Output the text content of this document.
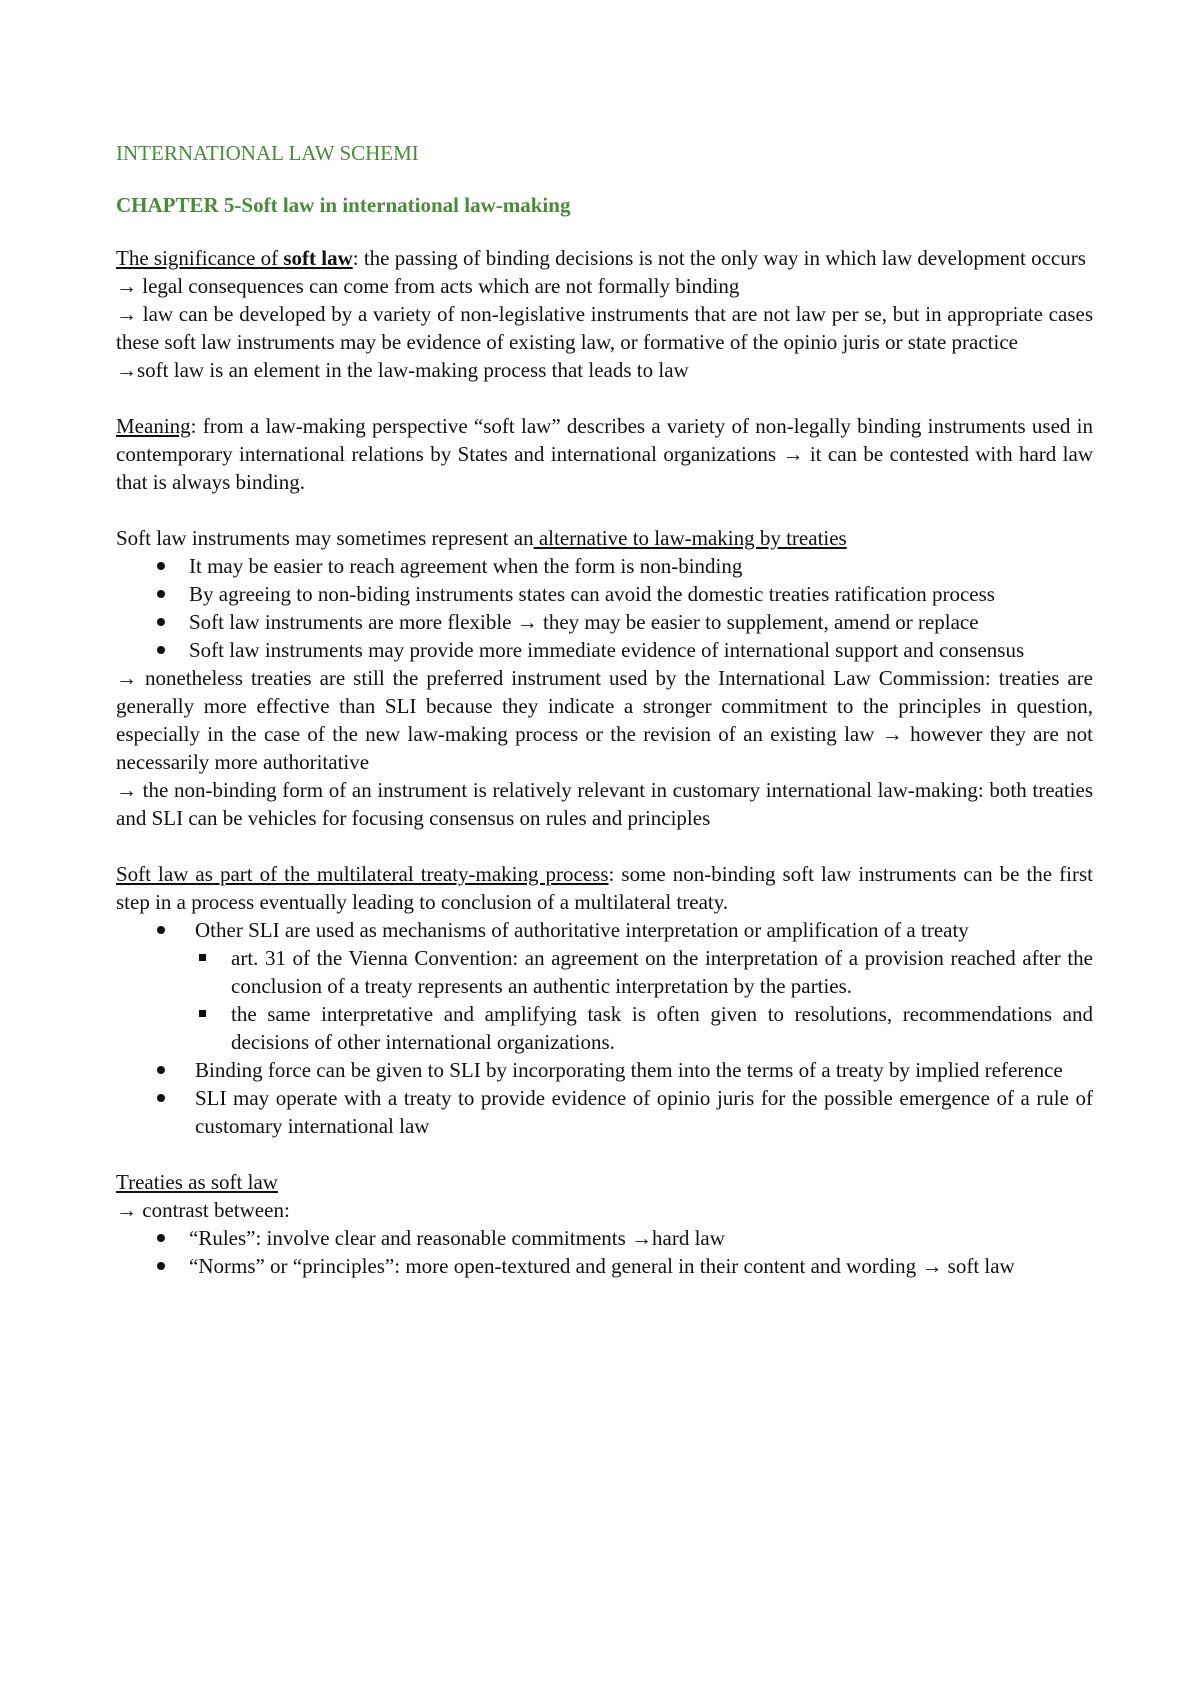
INTERNATIONAL LAW SCHEMI
CHAPTER 5-Soft law in international law-making

The significance of soft law: the passing of binding decisions is not the only way in which law development occurs

→ legal consequences can come from acts which are not formally binding

→ law can be developed by a variety of non-legislative instruments that are not law per se, but in appropriate cases these soft law instruments may be evidence of existing law, or formative of the opinio juris or state practice

→soft law is an element in the law-making process that leads to law

Meaning: from a law-making perspective “soft law” describes a variety of non-legally binding instruments used in contemporary international relations by States and international organizations → it can be contested with hard law that is always binding.

Soft law instruments may sometimes represent an alternative to law-making by treaties

It may be easier to reach agreement when the form is non-binding
By agreeing to non-biding instruments states can avoid the domestic treaties ratification process
Soft law instruments are more flexible → they may be easier to supplement, amend or replace
Soft law instruments may provide more immediate evidence of international support and consensus

→ nonetheless treaties are still the preferred instrument used by the International Law Commission: treaties are generally more effective than SLI because they indicate a stronger commitment to the principles in question, especially in the case of the new law-making process or the revision of an existing law → however they are not necessarily more authoritative

→ the non-binding form of an instrument is relatively relevant in customary international law-making: both treaties and SLI can be vehicles for focusing consensus on rules and principles

Soft law as part of the multilateral treaty-making process: some non-binding soft law instruments can be the first step in a process eventually leading to conclusion of a multilateral treaty.

Other SLI are used as mechanisms of authoritative interpretation or amplification of a treaty
art. 31 of the Vienna Convention: an agreement on the interpretation of a provision reached after the conclusion of a treaty represents an authentic interpretation by the parties.
the same interpretative and amplifying task is often given to resolutions, recommendations and decisions of other international organizations.
Binding force can be given to SLI by incorporating them into the terms of a treaty by implied reference
SLI may operate with a treaty to provide evidence of opinio juris for the possible emergence of a rule of customary international law

Treaties as soft law

→ contrast between:

“Rules”: involve clear and reasonable commitments →hard law
“Norms” or “principles”: more open-textured and general in their content and wording → soft law
